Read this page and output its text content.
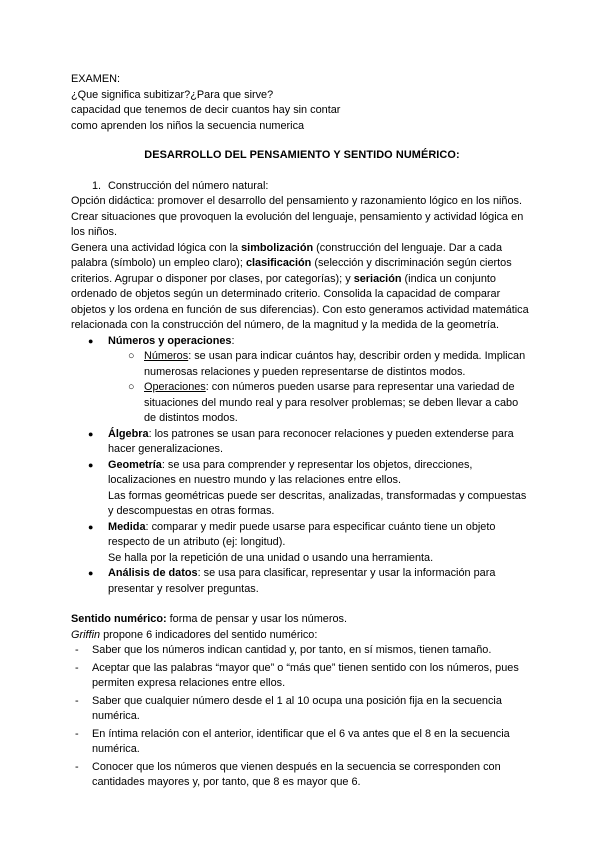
EXAMEN:

¿Que significa subitizar?¿Para que sirve?

capacidad que tenemos de decir cuantos hay sin contar

como aprenden los niños la secuencia numerica

DESARROLLO DEL PENSAMIENTO Y SENTIDO NUMÉRICO:

1. Construcción del número natural:

Opción didáctica: promover el desarrollo del pensamiento y razonamiento lógico en los niños. Crear situaciones que provoquen la evolución del lenguaje, pensamiento y actividad lógica en los niños.

Genera una actividad lógica con la simbolización (construcción del lenguaje. Dar a cada palabra (símbolo) un empleo claro); clasificación (selección y discriminación según ciertos criterios. Agrupar o disponer por clases, por categorías); y seriación (indica un conjunto ordenado de objetos según un determinado criterio. Consolida la capacidad de comparar objetos y los ordena en función de sus diferencias). Con esto generamos actividad matemática relacionada con la construcción del número, de la magnitud y la medida de la geometría.

● Números y operaciones:
○ Números: se usan para indicar cuántos hay, describir orden y medida. Implican numerosas relaciones y pueden representarse de distintos modos.
○ Operaciones: con números pueden usarse para representar una variedad de situaciones del mundo real y para resolver problemas; se deben llevar a cabo de distintos modos.
● Álgebra: los patrones se usan para reconocer relaciones y pueden extenderse para hacer generalizaciones.
● Geometría: se usa para comprender y representar los objetos, direcciones, localizaciones en nuestro mundo y las relaciones entre ellos.

Las formas geométricas puede ser descritas, analizadas, transformadas y compuestas y descompuestas en otras formas.

● Medida: comparar y medir puede usarse para especificar cuánto tiene un objeto respecto de un atributo (ej: longitud).

Se halla por la repetición de una unidad o usando una herramienta.

● Análisis de datos: se usa para clasificar, representar y usar la información para presentar y resolver preguntas.

Sentido numérico: forma de pensar y usar los números.

Griffin propone 6 indicadores del sentido numérico:

- Saber que los números indican cantidad y, por tanto, en sí mismos, tienen tamaño.
- Aceptar que las palabras “mayor que” o “más que” tienen sentido con los números, pues permiten expresa relaciones entre ellos.
- Saber que cualquier número desde el 1 al 10 ocupa una posición fija en la secuencia numérica.
- En íntima relación con el anterior, identificar que el 6 va antes que el 8 en la secuencia numérica.
- Conocer que los números que vienen después en la secuencia se corresponden con cantidades mayores y, por tanto, que 8 es mayor que 6.
